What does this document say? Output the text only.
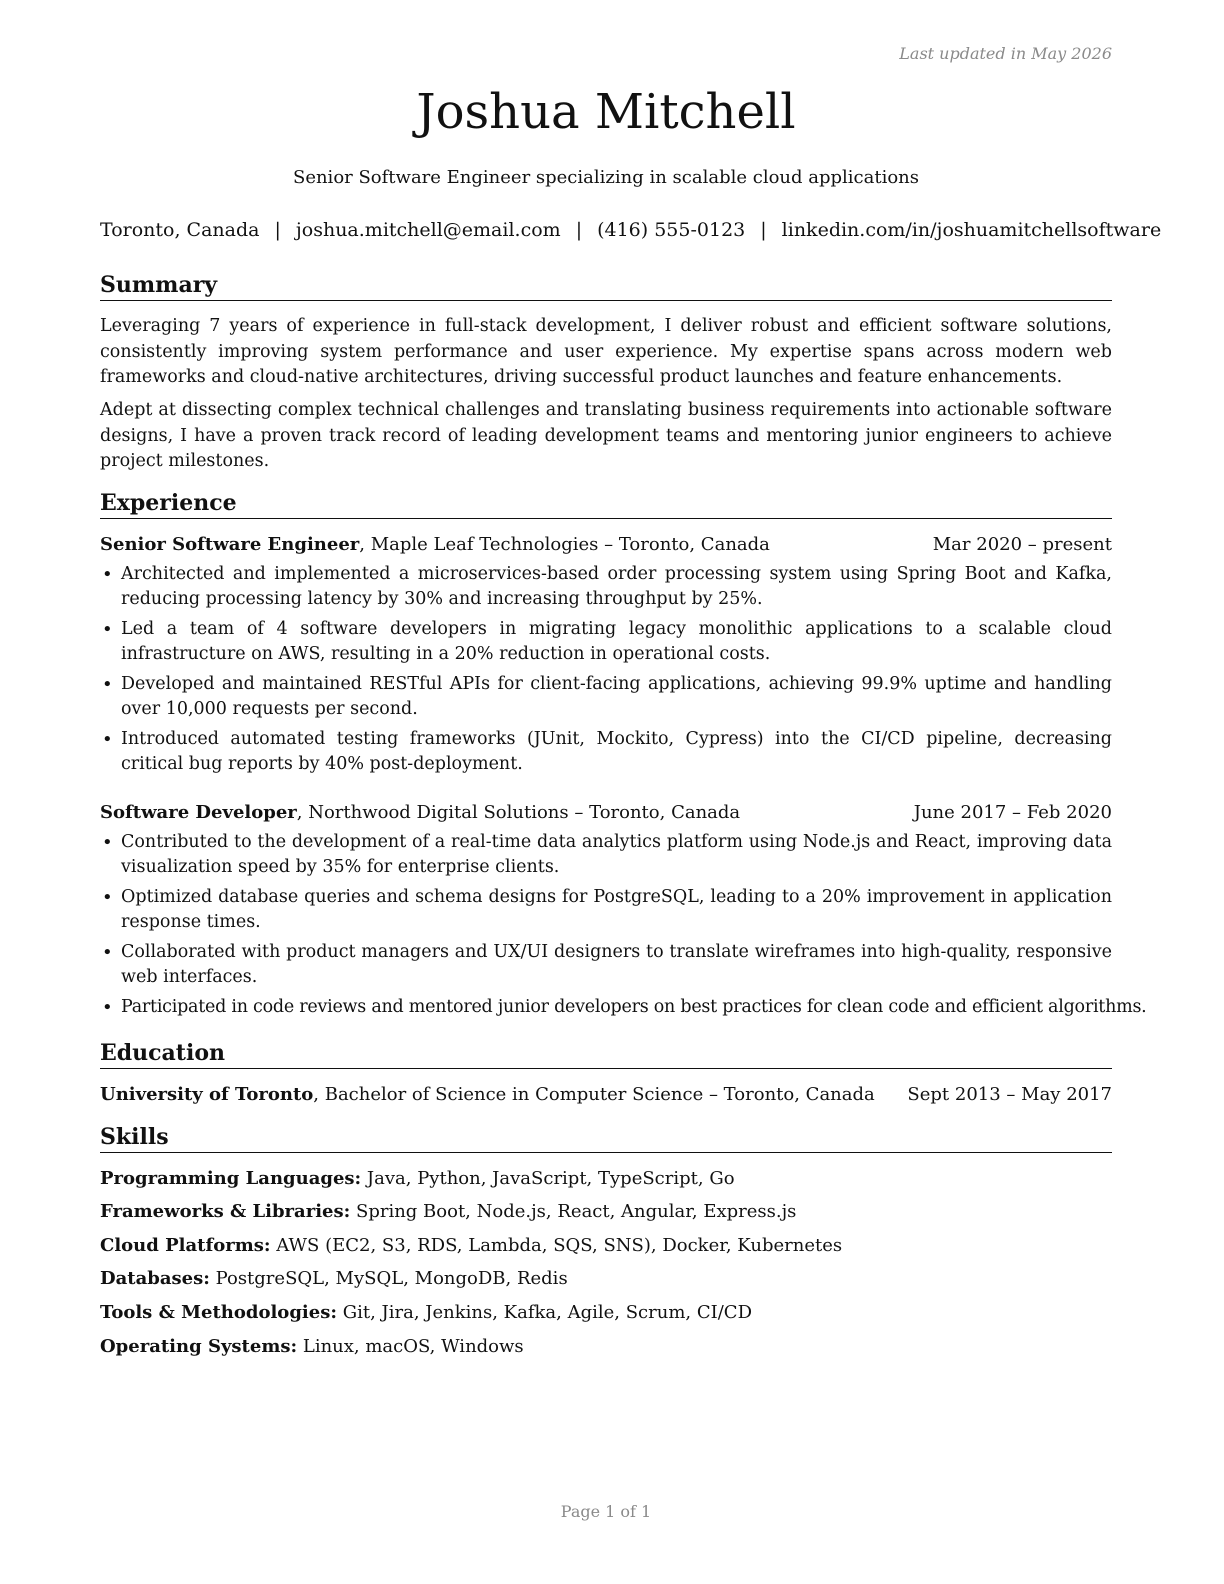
Last updated in May 2026
Joshua Mitchell
Senior Software Engineer specializing in scalable cloud applications
Toronto, Canada | joshua.mitchell@email.com | (416) 555-0123 | linkedin.com/in/joshuamitchellsoftware
Summary

Leveraging 7 years of experience in full-stack development, I deliver robust and efficient software solutions, consistently improving system performance and user experience. My expertise spans across modern web frameworks and cloud-native architectures, driving successful product launches and feature enhancements.

Adept at dissecting complex technical challenges and translating business requirements into actionable software designs, I have a proven track record of leading development teams and mentoring junior engineers to achieve project milestones.

Experience
Senior Software Engineer, Maple Leaf Technologies – Toronto, Canada	Mar 2020 – present
• Architected and implemented a microservices-based order processing system using Spring Boot and Kafka, reducing processing latency by 30% and increasing throughput by 25%.
• Led a team of 4 software developers in migrating legacy monolithic applications to a scalable cloud infrastructure on AWS, resulting in a 20% reduction in operational costs.
• Developed and maintained RESTful APIs for client-facing applications, achieving 99.9% uptime and handling over 10,000 requests per second.
• Introduced automated testing frameworks (JUnit, Mockito, Cypress) into the CI/CD pipeline, decreasing critical bug reports by 40% post-deployment.
Software Developer, Northwood Digital Solutions – Toronto, Canada	June 2017 – Feb 2020
• Contributed to the development of a real-time data analytics platform using Node.js and React, improving data visualization speed by 35% for enterprise clients.
• Optimized database queries and schema designs for PostgreSQL, leading to a 20% improvement in application response times.
• Collaborated with product managers and UX/UI designers to translate wireframes into high-quality, responsive web interfaces.
• Participated in code reviews and mentored junior developers on best practices for clean code and efficient algorithms.
Education
University of Toronto, Bachelor of Science in Computer Science – Toronto, Canada Sept 2013 – May 2017
Skills
Programming Languages: Java, Python, JavaScript, TypeScript, Go
Frameworks & Libraries: Spring Boot, Node.js, React, Angular, Express.js
Cloud Platforms: AWS (EC2, S3, RDS, Lambda, SQS, SNS), Docker, Kubernetes
Databases: PostgreSQL, MySQL, MongoDB, Redis
Tools & Methodologies: Git, Jira, Jenkins, Kafka, Agile, Scrum, CI/CD
Operating Systems: Linux, macOS, Windows
Page 1 of 1
